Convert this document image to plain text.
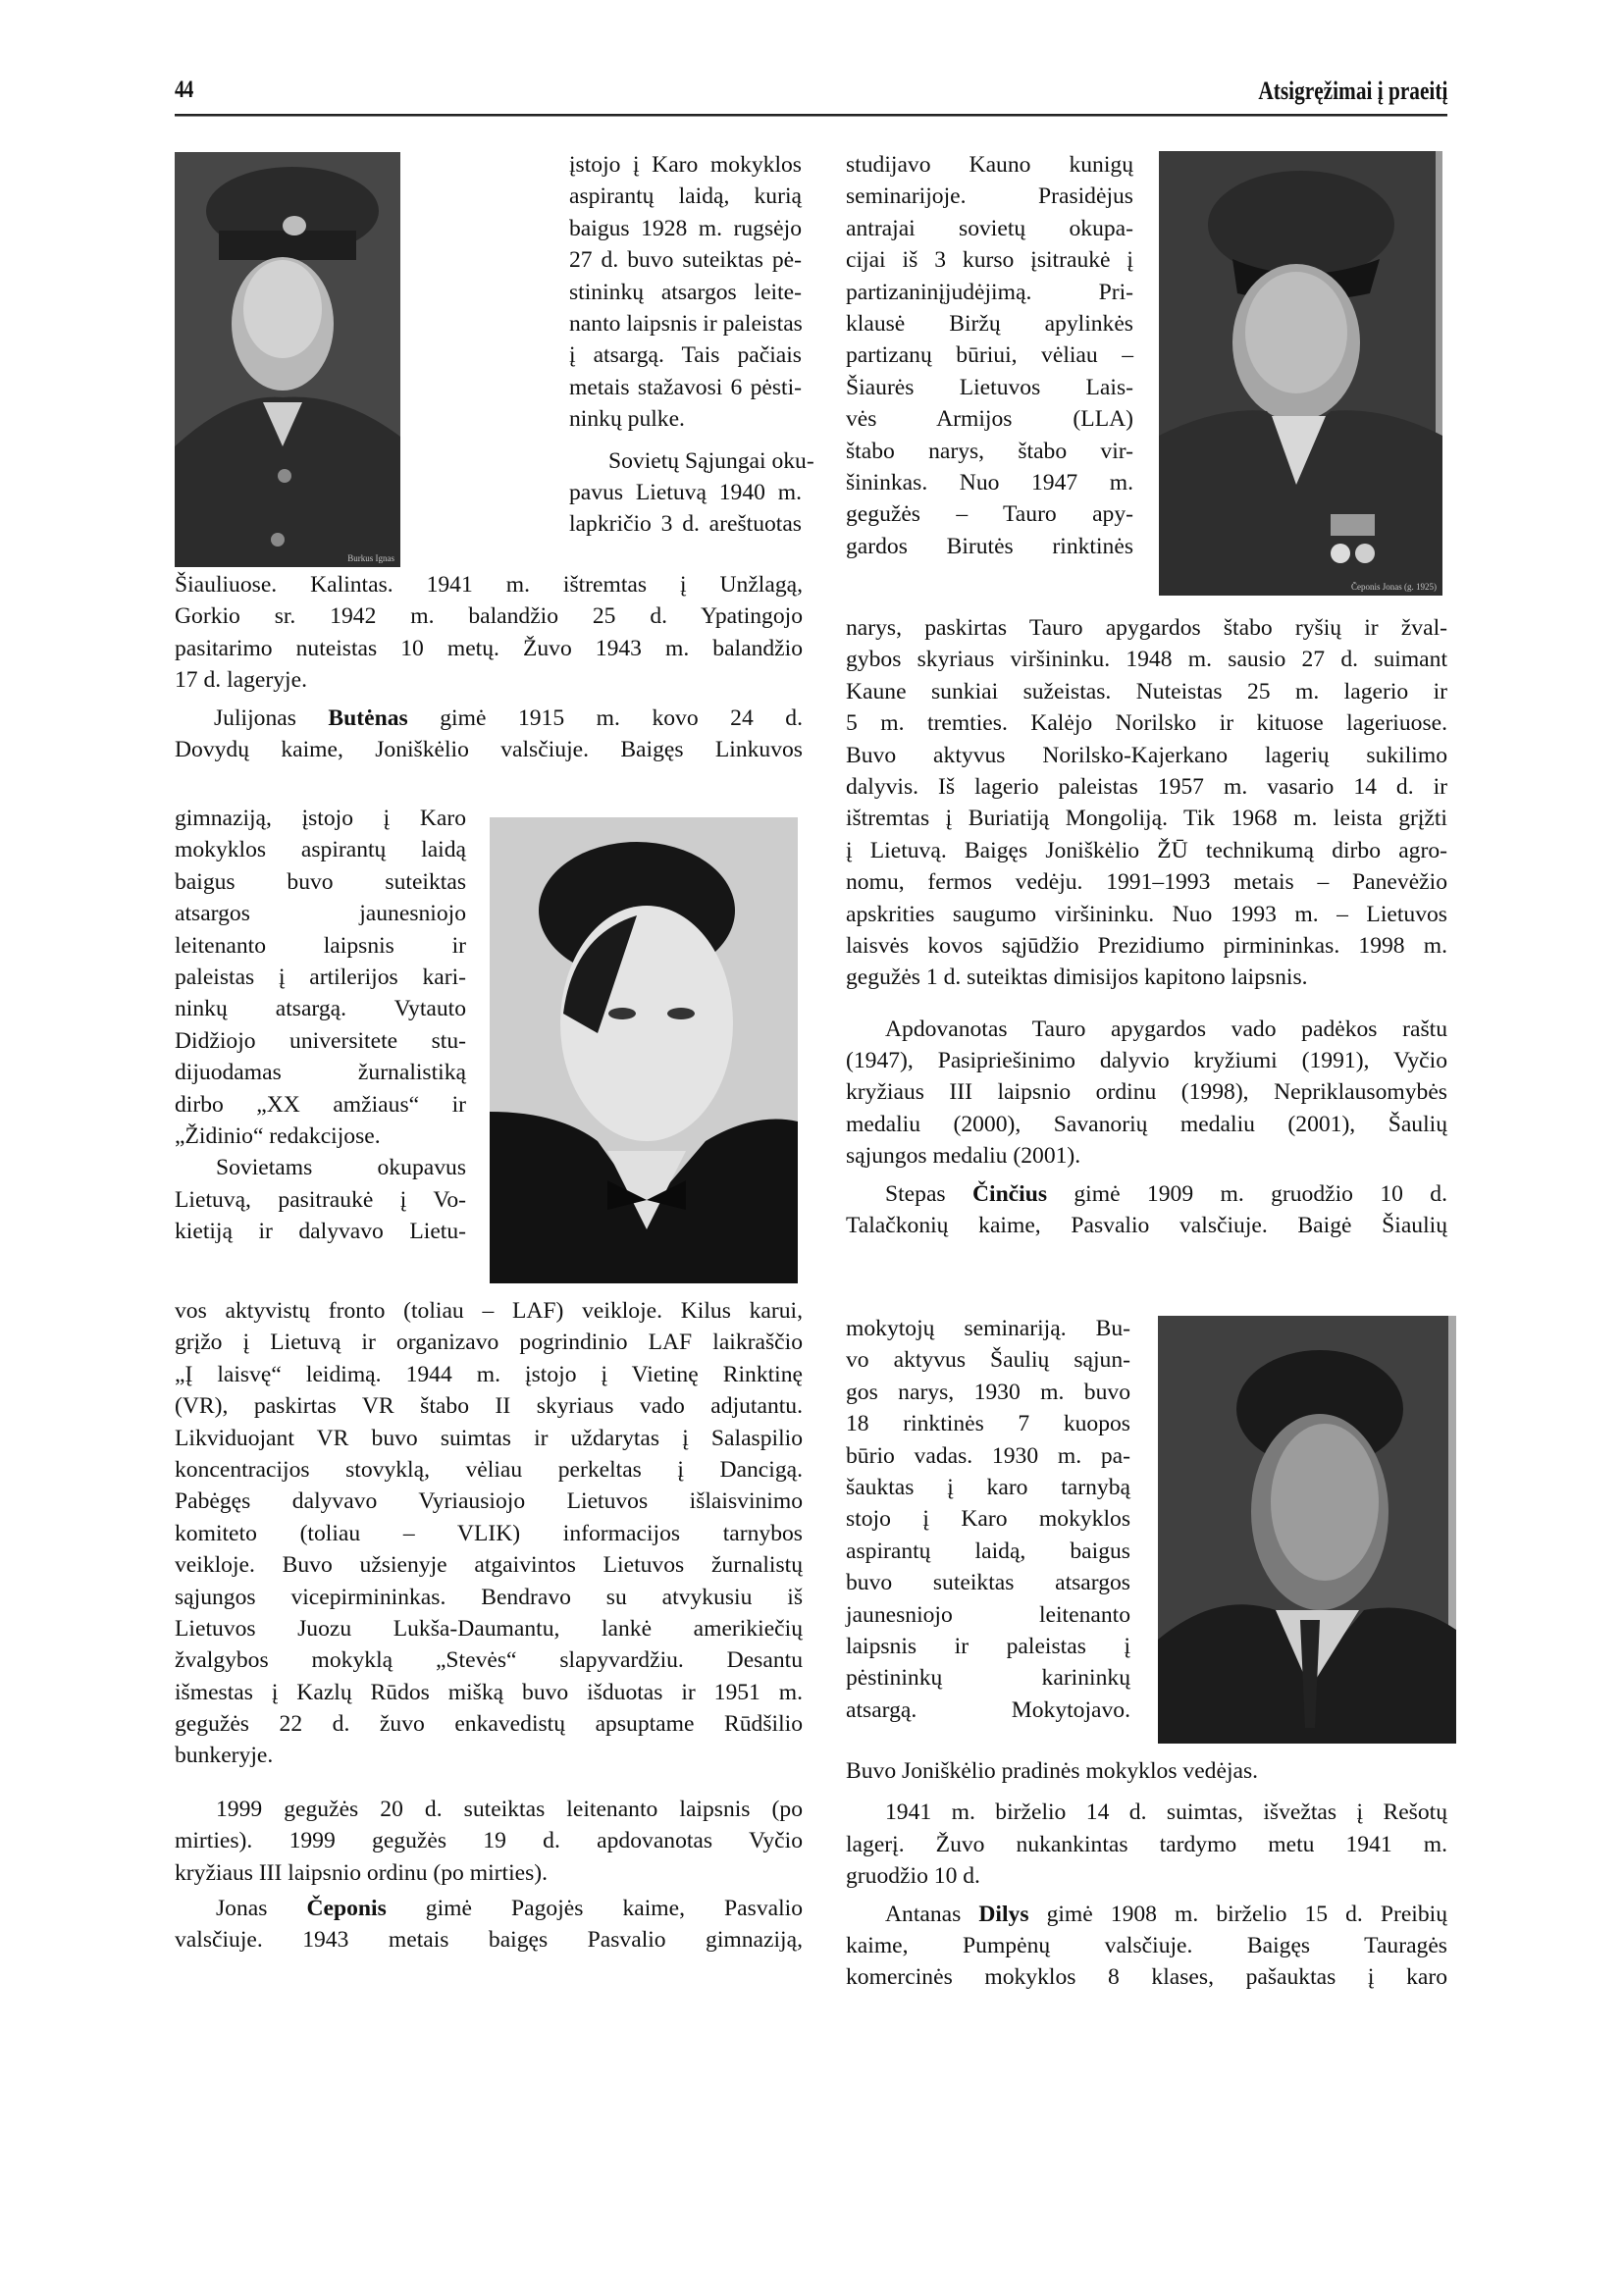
44	Atsigręžimai į praeitį
Burkus Ignas
Čeponis Jonas (g. 1925)
įstojo į Karo mokyklos
aspirantų laidą, kurią
baigus 1928 m. rugsėjo
27 d. buvo suteiktas pė-
stininkų atsargos leite-
nanto laipsnis ir paleistas
į atsargą. Tais pačiais
metais stažavosi 6 pėsti-
ninkų pulke.
Sovietų Sąjungai oku-
pavus Lietuvą 1940 m.
lapkričio 3 d. areštuotas
Šiauliuose. Kalintas. 1941 m. ištremtas į Unžlagą,
Gorkio sr. 1942 m. balandžio 25 d. Ypatingojo
pasitarimo nuteistas 10 metų. Žuvo 1943 m. balandžio
17 d. lageryje.
Julijonas Butėnas gimė 1915 m. kovo 24 d.
Dovydų kaime, Joniškėlio valsčiuje. Baigęs Linkuvos
gimnaziją, įstojo į Karo
mokyklos aspirantų laidą
baigus buvo suteiktas
atsargos jaunesniojo
leitenanto laipsnis ir
paleistas į artilerijos kari-
ninkų atsargą. Vytauto
Didžiojo universitete stu-
dijuodamas žurnalistiką
dirbo „XX amžiaus“ ir
„Židinio“ redakcijose.
Sovietams okupavus
Lietuvą, pasitraukė į Vo-
kietiją ir dalyvavo Lietu-
vos aktyvistų fronto (toliau – LAF) veikloje. Kilus karui,
grįžo į Lietuvą ir organizavo pogrindinio LAF laikraščio
„Į laisvę“ leidimą. 1944 m. įstojo į Vietinę Rinktinę
(VR), paskirtas VR štabo II skyriaus vado adjutantu.
Likviduojant VR buvo suimtas ir uždarytas į Salaspilio
koncentracijos stovyklą, vėliau perkeltas į Dancigą.
Pabėgęs dalyvavo Vyriausiojo Lietuvos išlaisvinimo
komiteto (toliau – VLIK) informacijos tarnybos
veikloje. Buvo užsienyje atgaivintos Lietuvos žurnalistų
sąjungos vicepirmininkas. Bendravo su atvykusiu iš
Lietuvos Juozu Lukša-Daumantu, lankė amerikiečių
žvalgybos mokyklą „Stevės“ slapyvardžiu. Desantu
išmestas į Kazlų Rūdos mišką buvo išduotas ir 1951 m.
gegužės 22 d. žuvo enkavedistų apsuptame Rūdšilio
bunkeryje.
1999 gegužės 20 d. suteiktas leitenanto laipsnis (po
mirties). 1999 gegužės 19 d. apdovanotas Vyčio
kryžiaus III laipsnio ordinu (po mirties).
Jonas Čeponis gimė Pagojės kaime, Pasvalio
valsčiuje. 1943 metais baigęs Pasvalio gimnaziją,
studijavo Kauno kunigų
seminarijoje. Prasidėjus
antrajai sovietų okupa-
cijai iš 3 kurso įsitraukė į
partizaninįjudėjimą. Pri-
klausė Biržų apylinkės
partizanų būriui, vėliau –
Šiaurės Lietuvos Lais-
vės Armijos (LLA)
štabo narys, štabo vir-
šininkas. Nuo 1947 m.
gegužės – Tauro apy-
gardos Birutės rinktinės
narys, paskirtas Tauro apygardos štabo ryšių ir žval-
gybos skyriaus viršininku. 1948 m. sausio 27 d. suimant
Kaune sunkiai sužeistas. Nuteistas 25 m. lagerio ir
5 m. tremties. Kalėjo Norilsko ir kituose lageriuose.
Buvo aktyvus Norilsko-Kajerkano lagerių sukilimo
dalyvis. Iš lagerio paleistas 1957 m. vasario 14 d. ir
ištremtas į Buriatiją Mongoliją. Tik 1968 m. leista grįžti
į Lietuvą. Baigęs Joniškėlio ŽŪ technikumą dirbo agro-
nomu, fermos vedėju. 1991–1993 metais – Panevėžio
apskrities saugumo viršininku. Nuo 1993 m. – Lietuvos
laisvės kovos sąjūdžio Prezidiumo pirmininkas. 1998 m.
gegužės 1 d. suteiktas dimisijos kapitono laipsnis.
Apdovanotas Tauro apygardos vado padėkos raštu
(1947), Pasipriešinimo dalyvio kryžiumi (1991), Vyčio
kryžiaus III laipsnio ordinu (1998), Nepriklausomybės
medaliu (2000), Savanorių medaliu (2001), Šaulių
sąjungos medaliu (2001).
Stepas Činčius gimė 1909 m. gruodžio 10 d.
Talačkonių kaime, Pasvalio valsčiuje. Baigė Šiaulių
mokytojų seminariją. Bu-
vo aktyvus Šaulių sąjun-
gos narys, 1930 m. buvo
18 rinktinės 7 kuopos
būrio vadas. 1930 m. pa-
šauktas į karo tarnybą
stojo į Karo mokyklos
aspirantų laidą, baigus
buvo suteiktas atsargos
jaunesniojo leitenanto
laipsnis ir paleistas į
pėstininkų karininkų
atsargą. Mokytojavo.
Buvo Joniškėlio pradinės mokyklos vedėjas.
1941 m. birželio 14 d. suimtas, išvežtas į Rešotų
lagerį. Žuvo nukankintas tardymo metu 1941 m.
gruodžio 10 d.
Antanas Dilys gimė 1908 m. birželio 15 d. Preibių
kaime, Pumpėnų valsčiuje. Baigęs Tauragės
komercinės mokyklos 8 klases, pašauktas į karo
